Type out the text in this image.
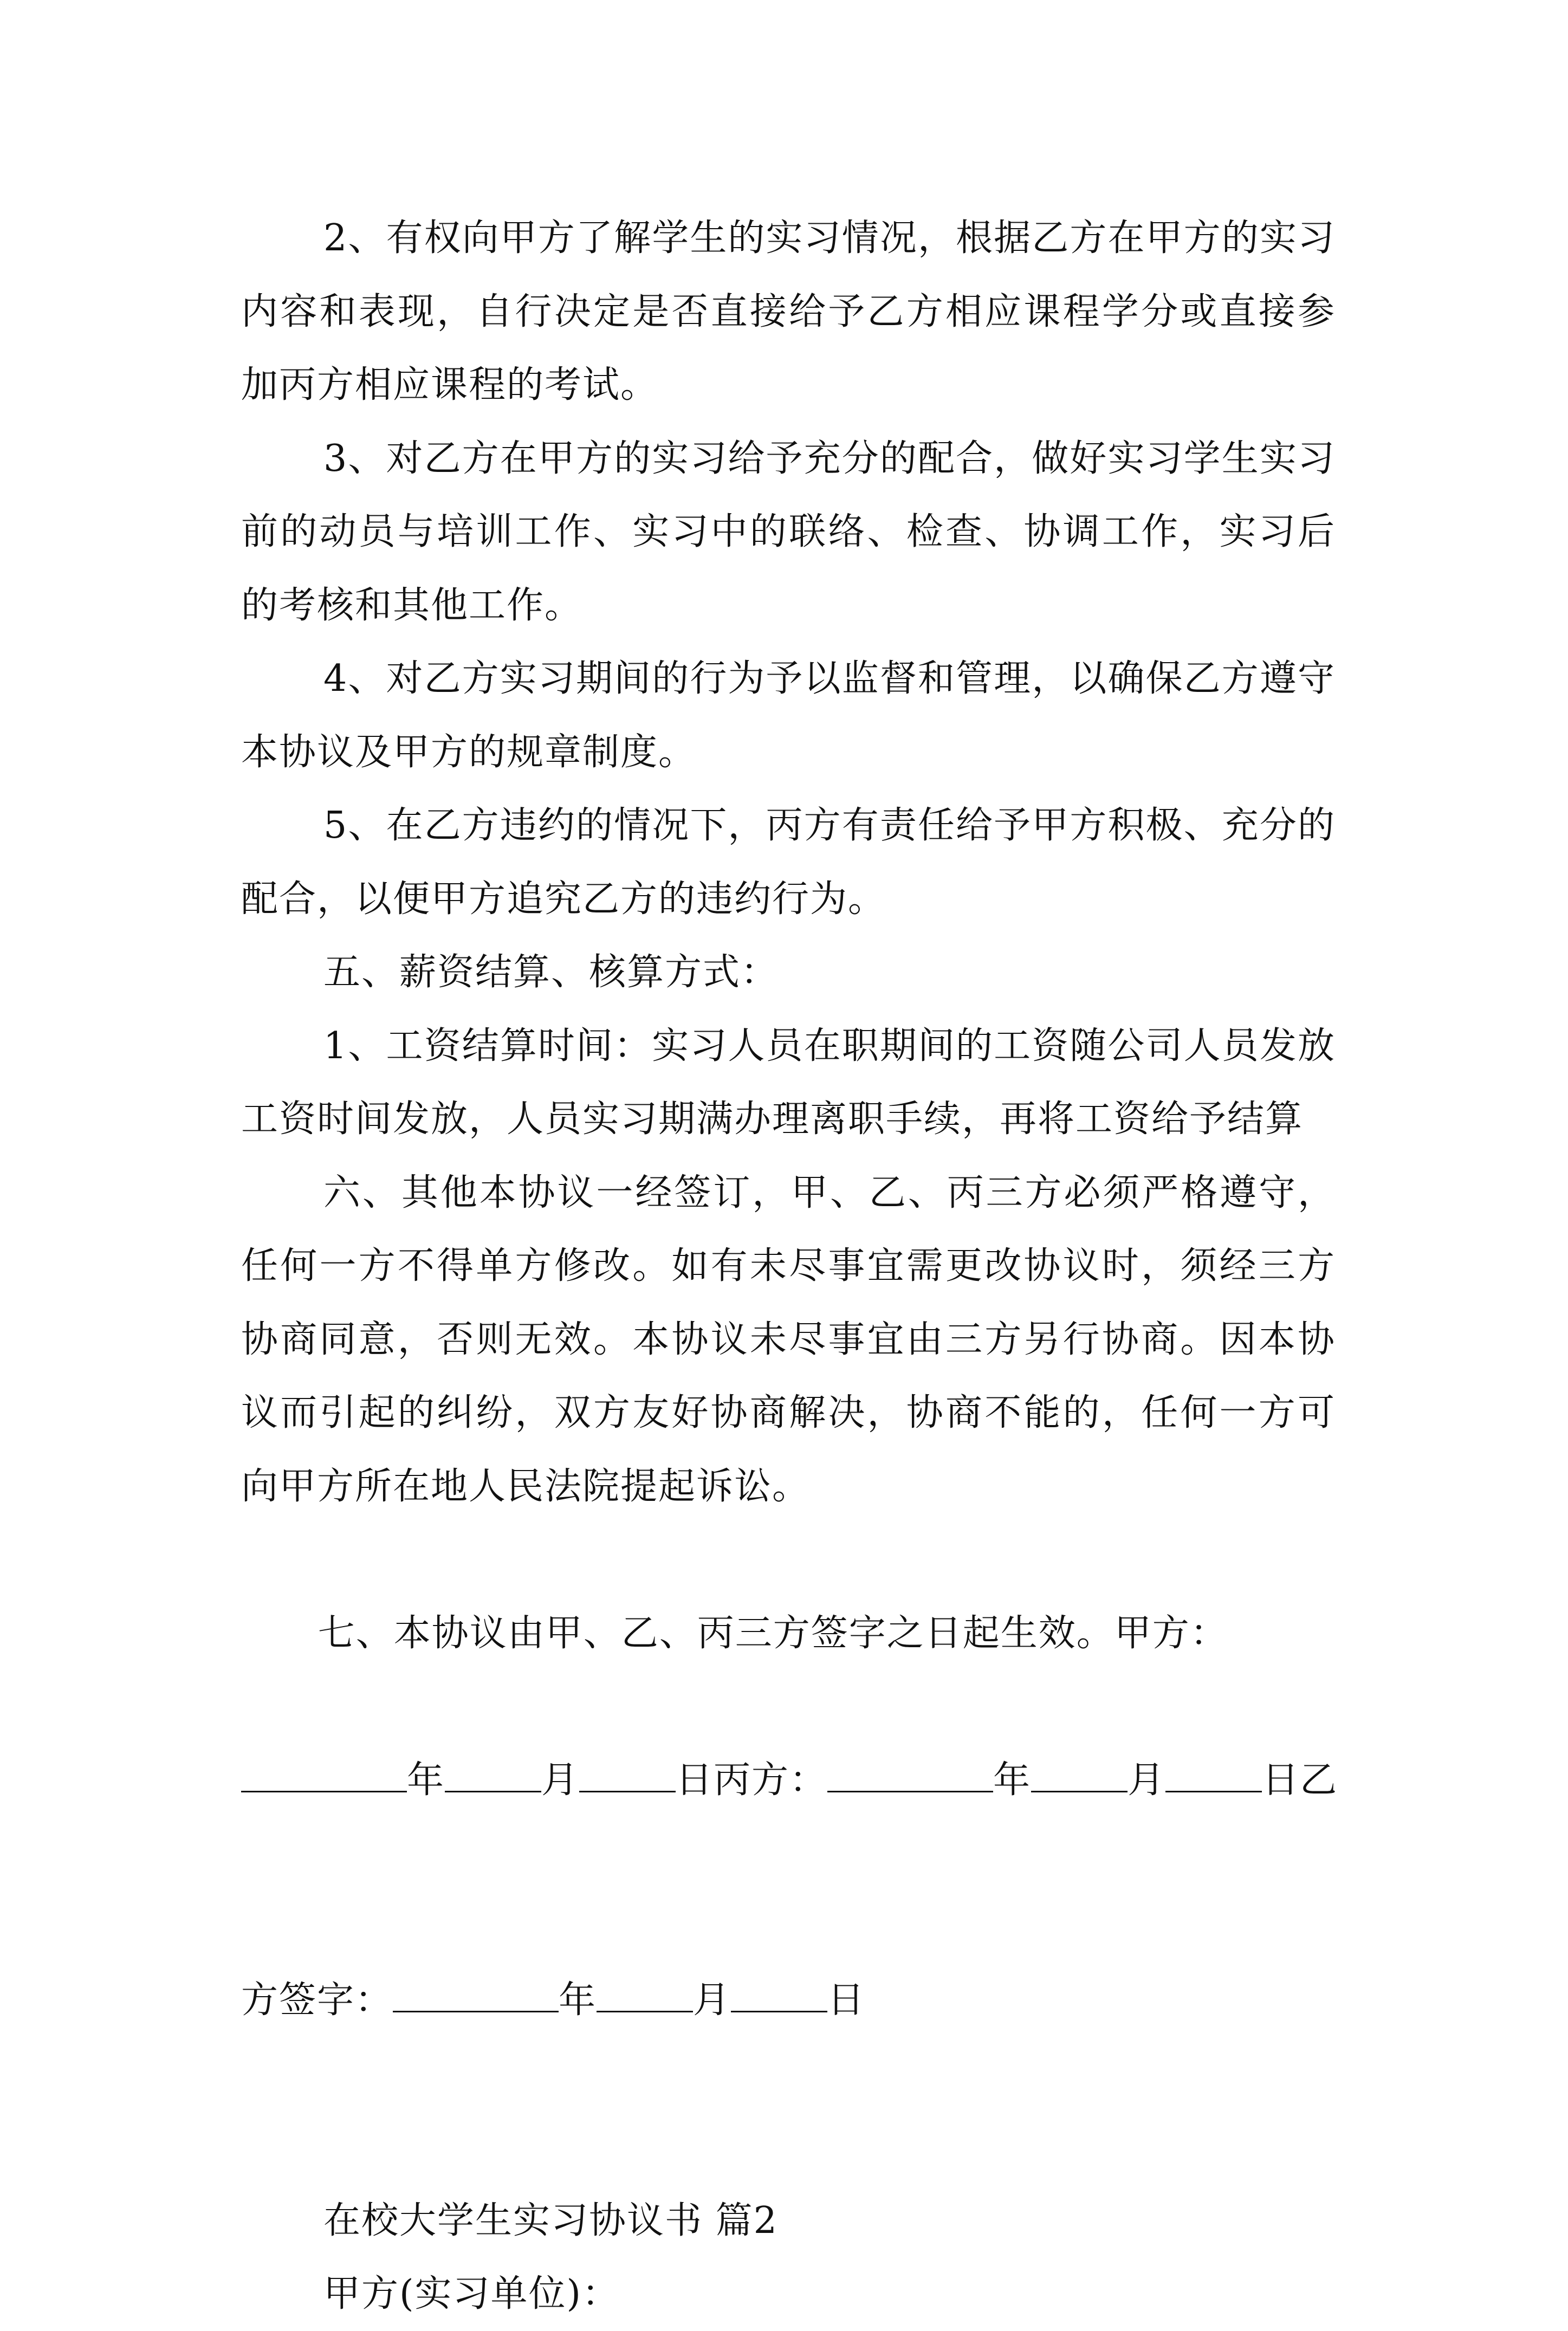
2、有权向甲方了解学生的实习情况，根据乙方在甲方的实习内容和表现，自行决定是否直接给予乙方相应课程学分或直接参加丙方相应课程的考试。

3、对乙方在甲方的实习给予充分的配合，做好实习学生实习前的动员与培训工作、实习中的联络、检查、协调工作，实习后的考核和其他工作。

4、对乙方实习期间的行为予以监督和管理，以确保乙方遵守本协议及甲方的规章制度。

5、在乙方违约的情况下，丙方有责任给予甲方积极、充分的配合，以便甲方追究乙方的违约行为。

五、薪资结算、核算方式：

1、工资结算时间：实习人员在职期间的工资随公司人员发放工资时间发放，人员实习期满办理离职手续，再将工资给予结算

六、其他本协议一经签订，甲、乙、丙三方必须严格遵守，任何一方不得单方修改。如有未尽事宜需更改协议时，须经三方协商同意，否则无效。本协议未尽事宜由三方另行协商。因本协议而引起的纠纷，双方友好协商解决，协商不能的，任何一方可向甲方所在地人民法院提起诉讼。

七、本协议由甲、乙、丙三方签字之日起生效。甲方：

年	月	日丙方：	年	月	日乙

方签字：	年	月	日

在校大学生实习协议书 篇2

甲方(实习单位)：
